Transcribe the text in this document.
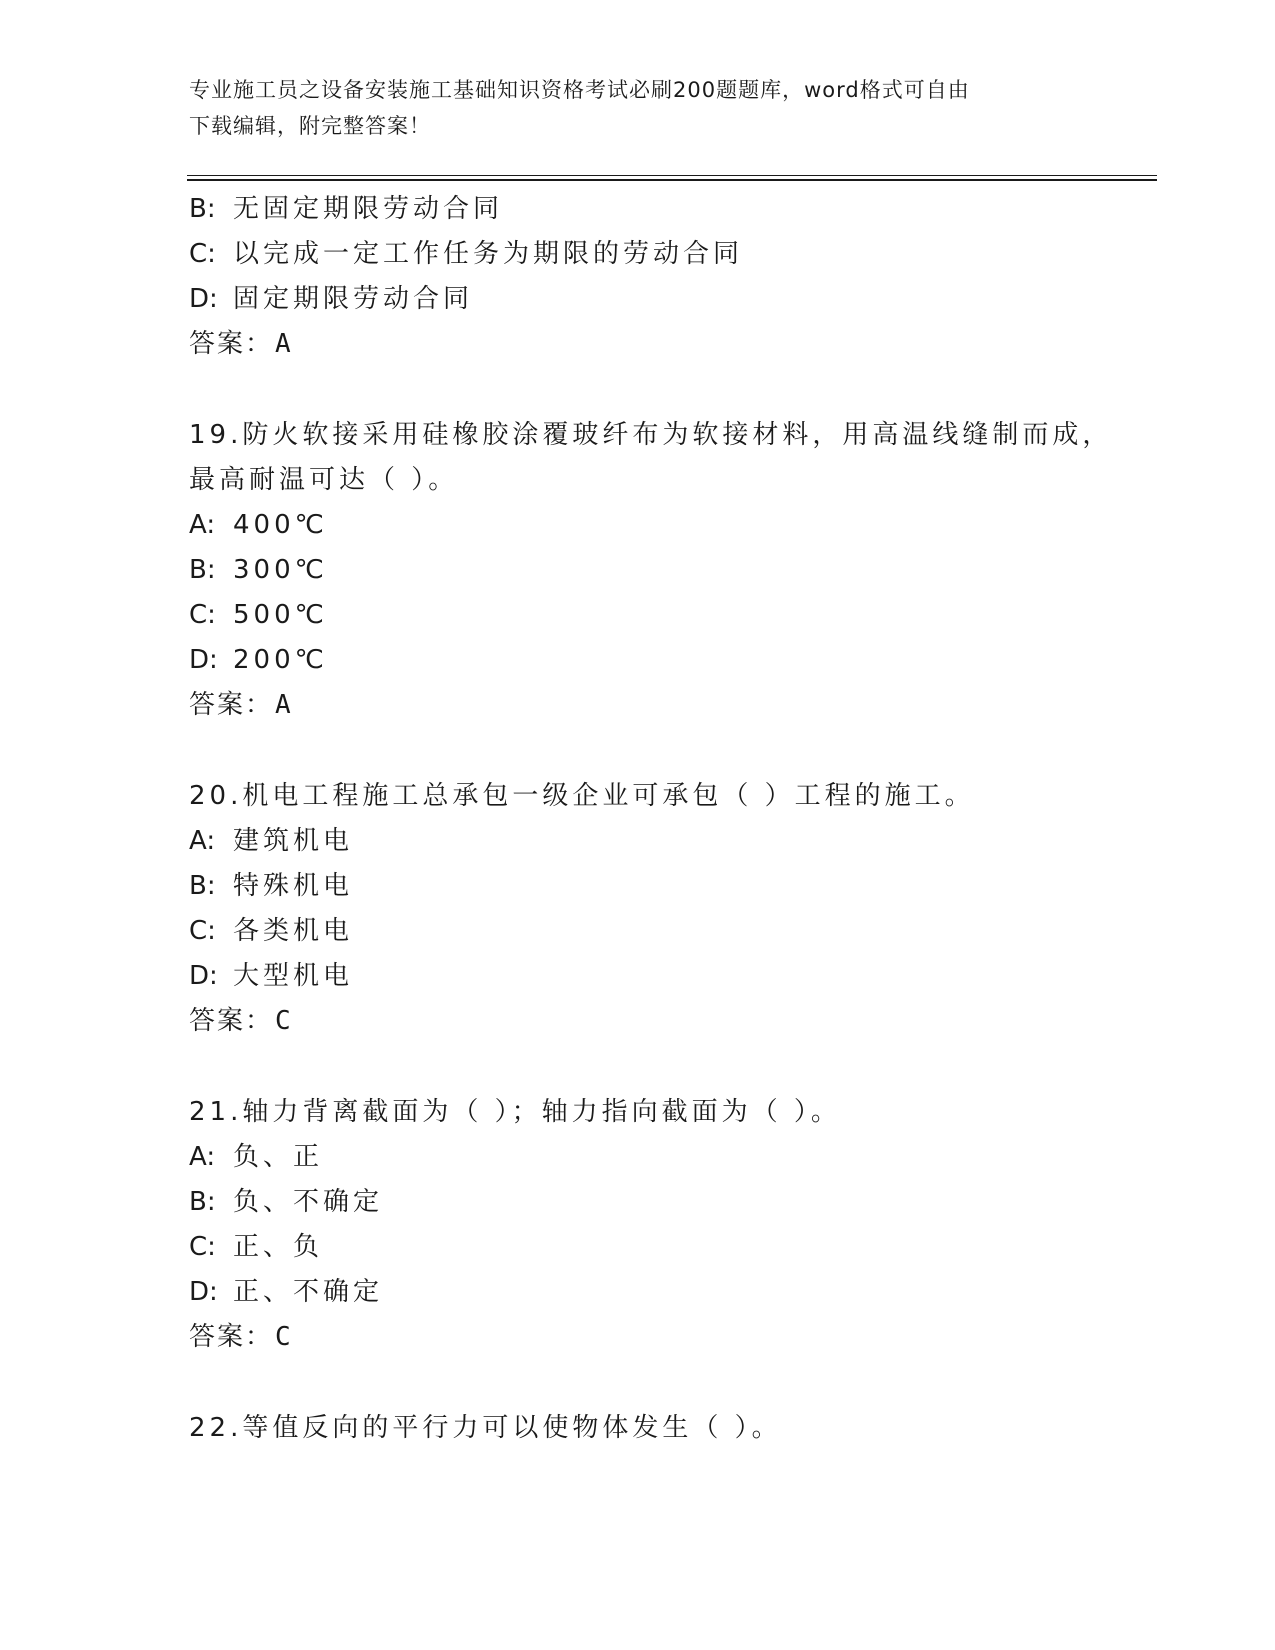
专业施工员之设备安装施工基础知识资格考试必刷200题题库，word格式可自由
下载编辑，附完整答案！
B: 无固定期限劳动合同
C: 以完成一定工作任务为期限的劳动合同
D: 固定期限劳动合同
答案：A
19.防火软接采用硅橡胶涂覆玻纤布为软接材料，用高温线缝制而成，
最高耐温可达（ ）。
A: 400℃
B: 300℃
C: 500℃
D: 200℃
答案：A
20.机电工程施工总承包一级企业可承包（ ）工程的施工。
A: 建筑机电
B: 特殊机电
C: 各类机电
D: 大型机电
答案：C
21.轴力背离截面为（ ）；轴力指向截面为（ ）。
A: 负、正
B: 负、不确定
C: 正、负
D: 正、不确定
答案：C
22.等值反向的平行力可以使物体发生（ ）。
